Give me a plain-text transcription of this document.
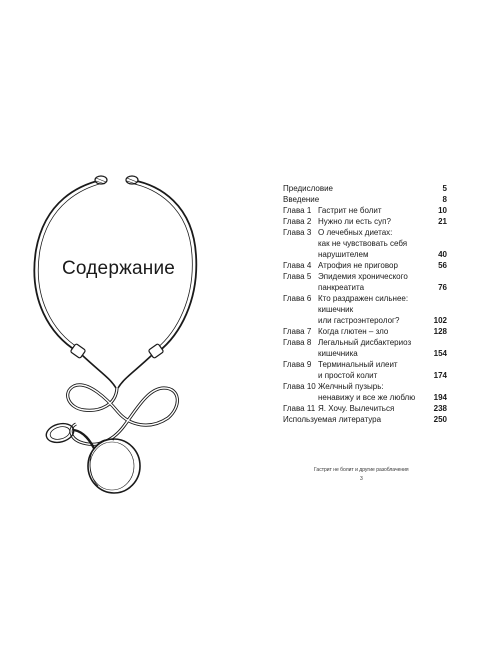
Содержание
Предисловие	5
Введение	8
Глава 1 Гастрит не болит	10
Глава 2 Нужно ли есть суп?	21
Глава 3 О лечебных диетах:
как не чувствовать себя
нарушителем	40
Глава 4 Атрофия не приговор	56
Глава 5 Эпидемия хронического
панкреатита	76
Глава 6 Кто раздражен сильнее:
кишечник
или гастроэнтеролог?	102
Глава 7 Когда глютен – зло	128
Глава 8 Легальный дисбактериоз
кишечника	154
Глава 9 Терминальный илеит
и простой колит	174
Глава 10 Желчный пузырь:
ненавижу и все же люблю	194
Глава 11 Я. Хочу. Вылечиться	238
Используемая литература	250
Гастрит не болит и другие разоблачения
3
